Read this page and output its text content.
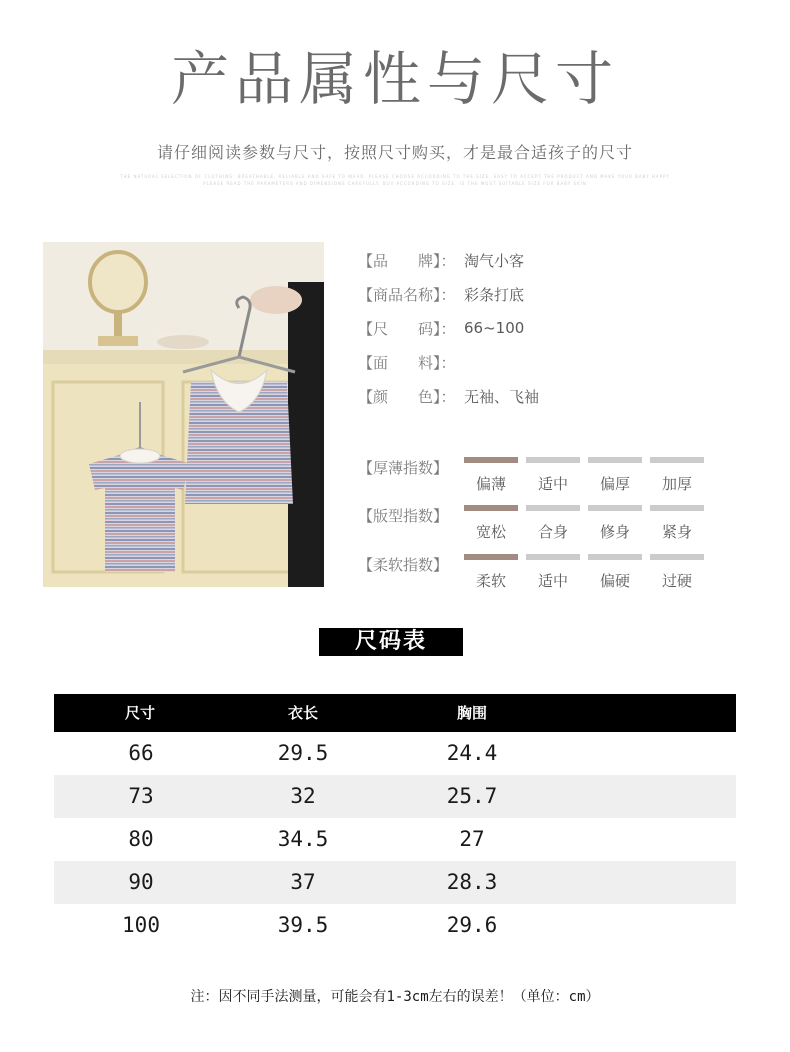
产品属性与尺寸
请仔细阅读参数与尺寸，按照尺寸购买，才是最合适孩子的尺寸
THE NATURAL SELECTION OF CLOTHING: BREATHABLE, RELIABLE AND SAFE TO WEAR. PLEASE CHOOSE ACCORDING TO THE SIZE. EASY TO ACCEPT THE PRODUCT AND MAKE YOUR BABY HAPPY
PLEASE READ THE PARAMETERS AND DIMENSIONS CAREFULLY. BUY ACCORDING TO SIZE. IS THE MOST SUITABLE SIZE FOR BABY SKIN
【品　　牌】： 淘气小客
【商品名称】： 彩条打底
【尺　　码】： 66~100
【面　　料】：
【颜　　色】： 无袖、飞袖
【厚薄指数】
偏薄	适中	偏厚	加厚
【版型指数】
宽松	合身	修身	紧身
【柔软指数】
柔软	适中	偏硬	过硬
尺码表
尺寸	衣长	胸围
66	29.5	24.4
73	32	25.7
80	34.5	27
90	37	28.3
100	39.5	29.6
注：因不同手法测量，可能会有1-3cm左右的误差！（单位：cm）
